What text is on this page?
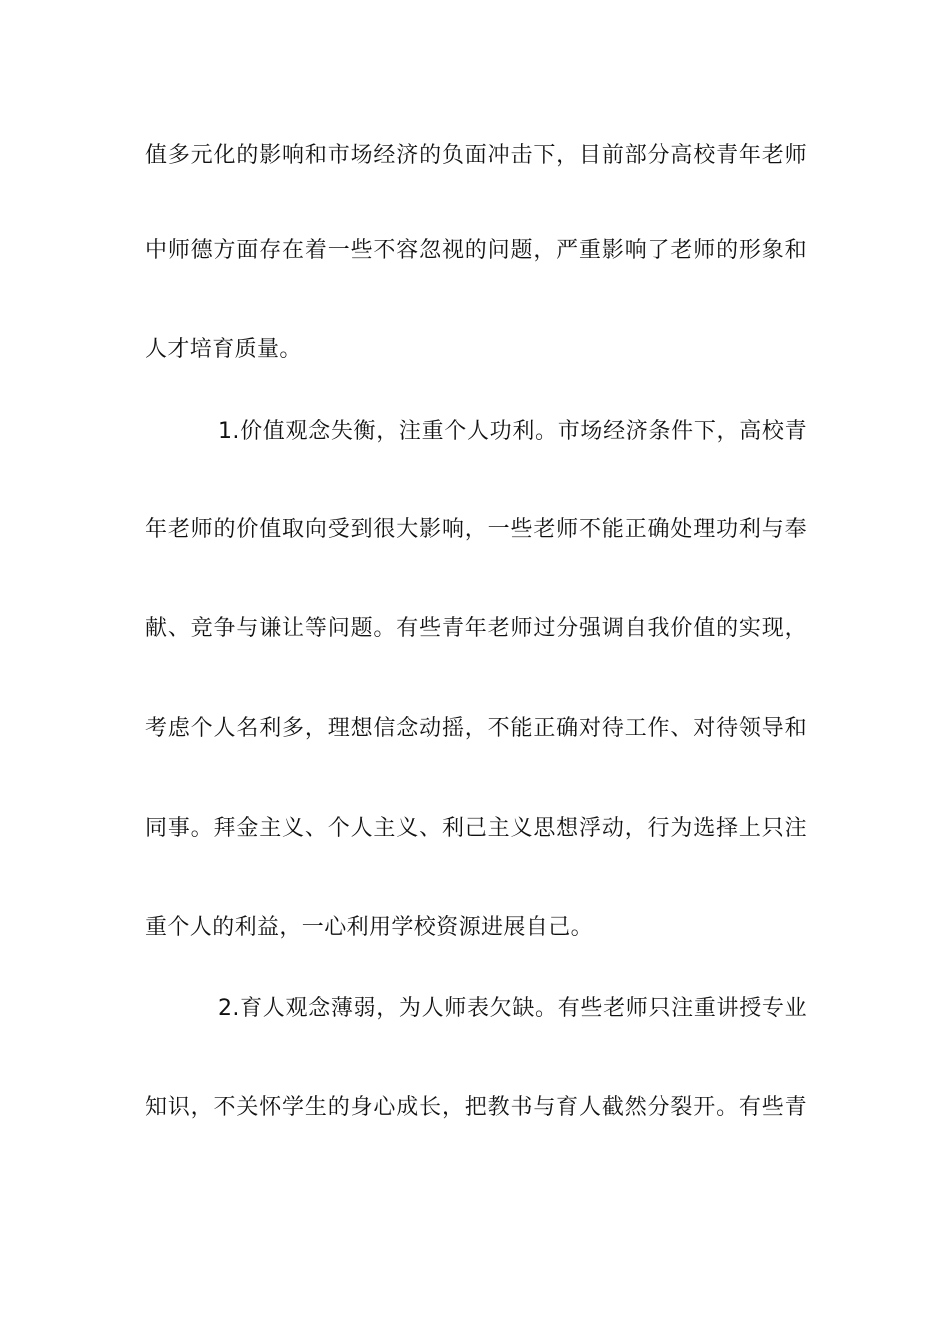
值多元化的影响和市场经济的负面冲击下，目前部分高校青年老师
中师德方面存在着一些不容忽视的问题，严重影响了老师的形象和
人才培育质量。
1.价值观念失衡，注重个人功利。市场经济条件下，高校青
年老师的价值取向受到很大影响，一些老师不能正确处理功利与奉
献、竞争与谦让等问题。有些青年老师过分强调自我价值的实现，
考虑个人名利多，理想信念动摇，不能正确对待工作、对待领导和
同事。拜金主义、个人主义、利己主义思想浮动，行为选择上只注
重个人的利益，一心利用学校资源进展自己。
2.育人观念薄弱，为人师表欠缺。有些老师只注重讲授专业
知识，不关怀学生的身心成长，把教书与育人截然分裂开。有些青
